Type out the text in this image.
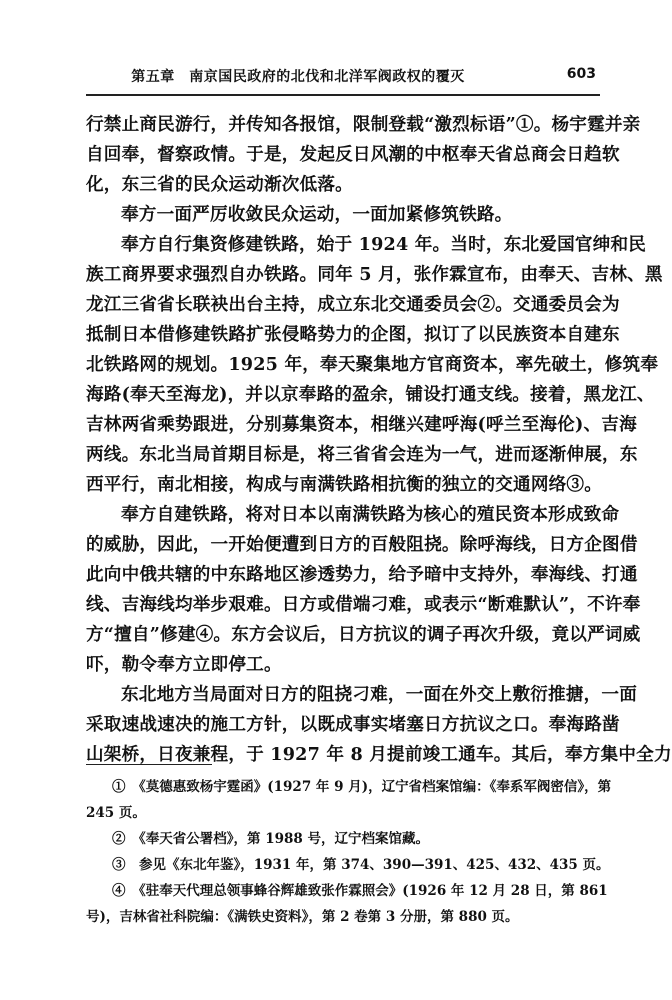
第五章　南京国民政府的北伐和北洋军阀政权的覆灭	603
行禁止商民游行，并传知各报馆，限制登载“激烈标语”①。杨宇霆并亲
自回奉，督察政情。于是，发起反日风潮的中枢奉天省总商会日趋软
化，东三省的民众运动渐次低落。
奉方一面严厉收敛民众运动，一面加紧修筑铁路。
奉方自行集资修建铁路，始于 1924 年。当时，东北爱国官绅和民
族工商界要求强烈自办铁路。同年 5 月，张作霖宣布，由奉天、吉林、黑
龙江三省省长联袂出台主持，成立东北交通委员会②。交通委员会为
抵制日本借修建铁路扩张侵略势力的企图，拟订了以民族资本自建东
北铁路网的规划。1925 年，奉天聚集地方官商资本，率先破土，修筑奉
海路(奉天至海龙)，并以京奉路的盈余，铺设打通支线。接着，黑龙江、
吉林两省乘势跟进，分别募集资本，相继兴建呼海(呼兰至海伦)、吉海
两线。东北当局首期目标是，将三省省会连为一气，进而逐渐伸展，东
西平行，南北相接，构成与南满铁路相抗衡的独立的交通网络③。
奉方自建铁路，将对日本以南满铁路为核心的殖民资本形成致命
的威胁，因此，一开始便遭到日方的百般阻挠。除呼海线，日方企图借
此向中俄共辖的中东路地区渗透势力，给予暗中支持外，奉海线、打通
线、吉海线均举步艰难。日方或借端刁难，或表示“断难默认”，不许奉
方“擅自”修建④。东方会议后，日方抗议的调子再次升级，竟以严词威
吓，勒令奉方立即停工。
东北地方当局面对日方的阻挠刁难，一面在外交上敷衍推搪，一面
采取速战速决的施工方针，以既成事实堵塞日方抗议之口。奉海路凿
山架桥，日夜兼程，于 1927 年 8 月提前竣工通车。其后，奉方集中全力
①　《莫德惠致杨宇霆函》(1927 年 9 月)，辽宁省档案馆编：《奉系军阀密信》，第
245 页。
②　《奉天省公署档》，第 1988 号，辽宁档案馆藏。
③　参见《东北年鉴》，1931 年，第 374、390—391、425、432、435 页。
④　《驻奉天代理总领事蜂谷辉雄致张作霖照会》(1926 年 12 月 28 日，第 861
号)，吉林省社科院编：《满铁史资料》，第 2 卷第 3 分册，第 880 页。
